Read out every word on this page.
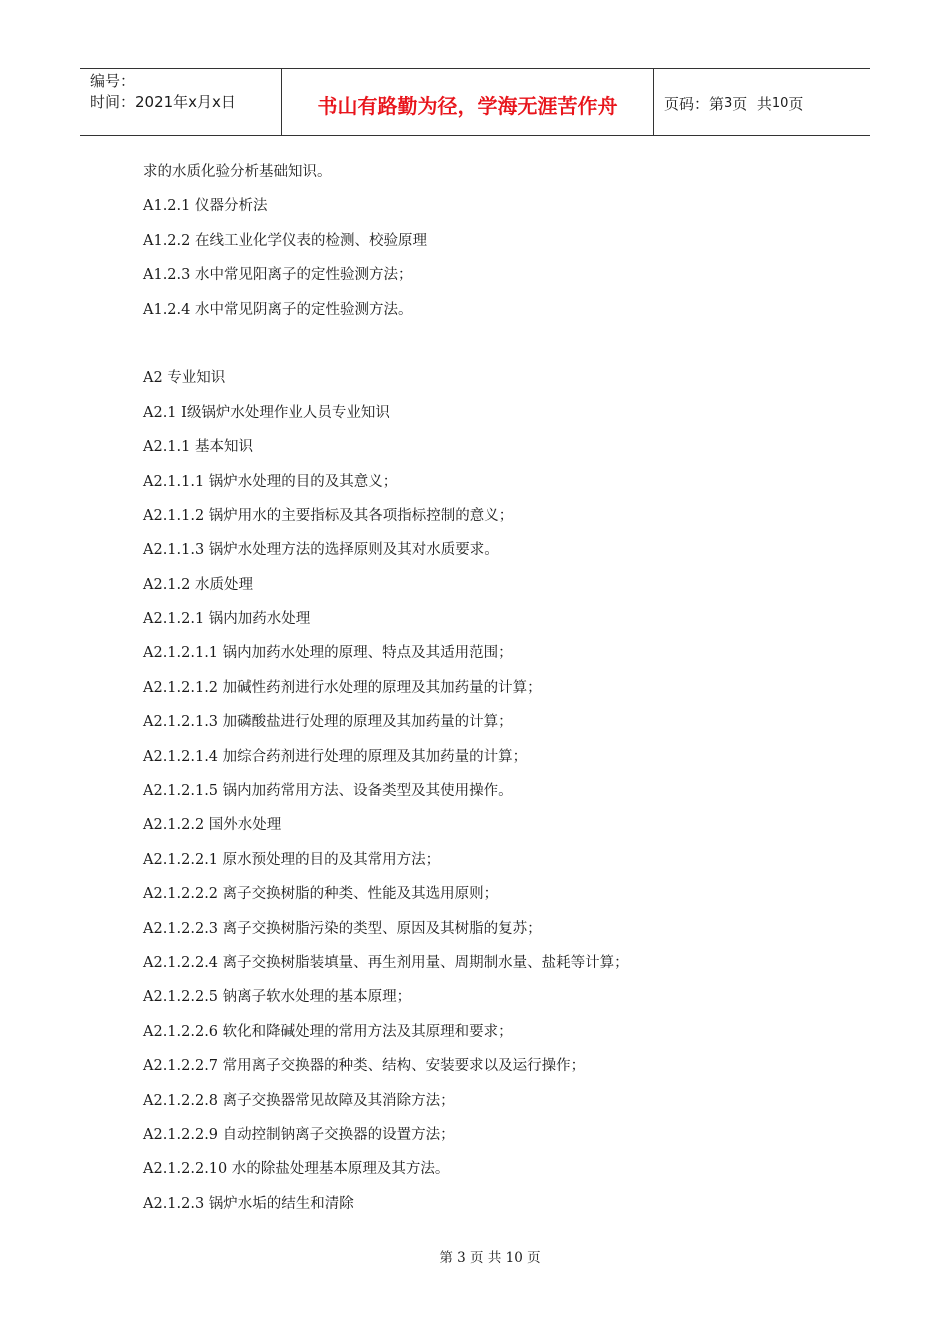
编号：
时间：2021年x月x日	书山有路勤为径，学海无涯苦作舟	页码：第 3 页  共 10 页
求的水质化验分析基础知识。
A1.2.1 仪器分析法
A1.2.2 在线工业化学仪表的检测、校验原理
A1.2.3 水中常见阳离子的定性验测方法；
A1.2.4 水中常见阴离子的定性验测方法。
A2 专业知识
A2.1 Ⅰ级锅炉水处理作业人员专业知识
A2.1.1 基本知识
A2.1.1.1 锅炉水处理的目的及其意义；
A2.1.1.2 锅炉用水的主要指标及其各项指标控制的意义；
A2.1.1.3 锅炉水处理方法的选择原则及其对水质要求。
A2.1.2 水质处理
A2.1.2.1 锅内加药水处理
A2.1.2.1.1 锅内加药水处理的原理、特点及其适用范围；
A2.1.2.1.2 加碱性药剂进行水处理的原理及其加药量的计算；
A2.1.2.1.3 加磷酸盐进行处理的原理及其加药量的计算；
A2.1.2.1.4 加综合药剂进行处理的原理及其加药量的计算；
A2.1.2.1.5 锅内加药常用方法、设备类型及其使用操作。
A2.1.2.2 国外水处理
A2.1.2.2.1 原水预处理的目的及其常用方法；
A2.1.2.2.2 离子交换树脂的种类、性能及其选用原则；
A2.1.2.2.3 离子交换树脂污染的类型、原因及其树脂的复苏；
A2.1.2.2.4 离子交换树脂装填量、再生剂用量、周期制水量、盐耗等计算；
A2.1.2.2.5 钠离子软水处理的基本原理；
A2.1.2.2.6 软化和降碱处理的常用方法及其原理和要求；
A2.1.2.2.7 常用离子交换器的种类、结构、安装要求以及运行操作；
A2.1.2.2.8 离子交换器常见故障及其消除方法；
A2.1.2.2.9 自动控制钠离子交换器的设置方法；
A2.1.2.2.10 水的除盐处理基本原理及其方法。
A2.1.2.3 锅炉水垢的结生和清除
第 3 页 共 10 页
